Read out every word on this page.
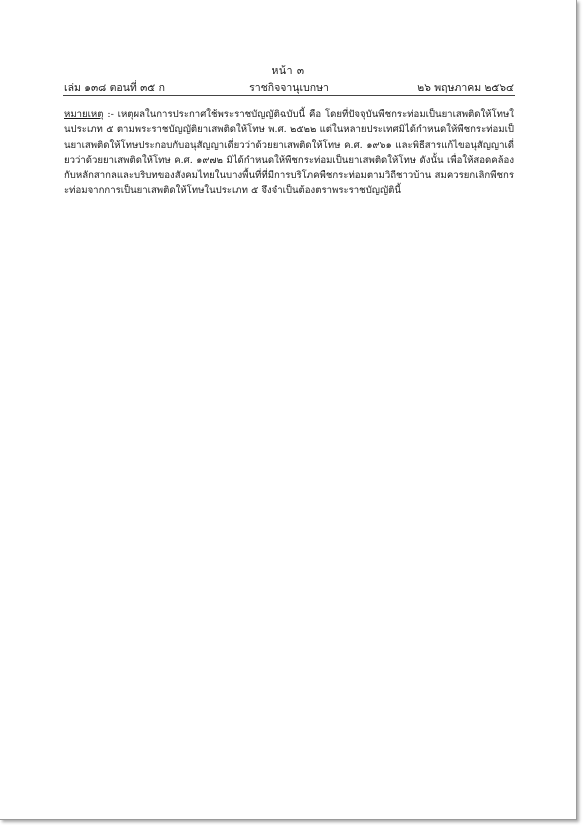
หน้า ๓
เล่ม ๑๓๘ ตอนที่ ๓๕ ก	ราชกิจจานุเบกษา	๒๖ พฤษภาคม ๒๕๖๔
หมายเหตุ :- เหตุผลในการประกาศใช้พระราชบัญญัติฉบับนี้ คือ โดยที่ปัจจุบันพืชกระท่อมเป็นยาเสพติดให้โทษในประเภท ๕ ตามพระราชบัญญัติยาเสพติดให้โทษ พ.ศ. ๒๕๒๒ แต่ในหลายประเทศมิได้กำหนดให้พืชกระท่อมเป็นยาเสพติดให้โทษประกอบกับอนุสัญญาเดี่ยวว่าด้วยยาเสพติดให้โทษ ค.ศ. ๑๙๖๑ และพิธีสารแก้ไขอนุสัญญาเดี่ยวว่าด้วยยาเสพติดให้โทษ ค.ศ. ๑๙๗๒ มิได้กำหนดให้พืชกระท่อมเป็นยาเสพติดให้โทษ ดังนั้น เพื่อให้สอดคล้องกับหลักสากลและบริบทของสังคมไทยในบางพื้นที่ที่มีการบริโภคพืชกระท่อมตามวิถีชาวบ้าน สมควรยกเลิกพืชกระท่อมจากการเป็นยาเสพติดให้โทษในประเภท ๕ จึงจำเป็นต้องตราพระราชบัญญัตินี้
